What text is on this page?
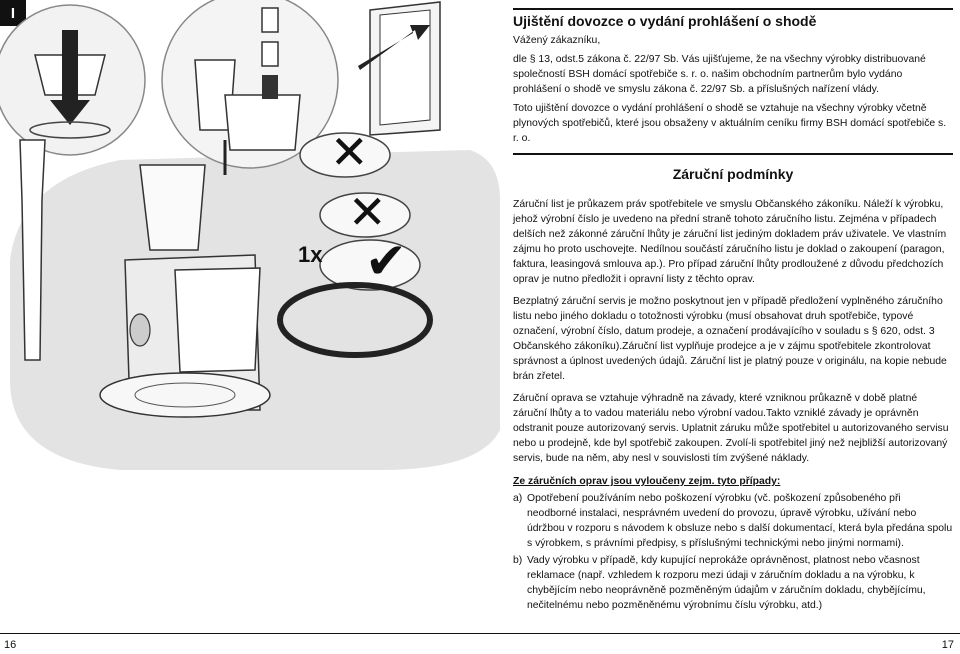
I
✕
✕
✔
1x
Ujištění dovozce o vydání prohlášení o shodě
Vážený zákazníku,
dle § 13, odst.5 zákona č. 22/97 Sb. Vás ujišťujeme, že na všechny výrobky distribuované společností BSH domácí spotřebiče s. r. o. našim obchodním partnerům bylo vydáno prohlášení o shodě ve smyslu zákona č. 22/97 Sb. a příslušných nařízení vlády.
Toto ujištění dovozce o vydání prohlášení o shodě se vztahuje na všechny výrobky včetně plynových spotřebičů, které jsou obsaženy v aktuálním ceníku firmy BSH domácí spotřebiče s. r. o.
Záruční podmínky
Záruční list je průkazem práv spotřebitele ve smyslu Občanského zákoníku. Náleží k výrobku, jehož výrobní číslo je uvedeno na přední straně tohoto záručního listu. Zejména v případech delších než zákonné záruční lhůty je záruční list jediným dokladem práv uživatele. Ve vlastním zájmu ho proto uschovejte. Nedílnou součástí záručního listu je doklad o zakoupení (paragon, faktura, leasingová smlouva ap.). Pro případ záruční lhůty prodloužené z důvodu předchozích oprav je nutno předložit i opravní listy z těchto oprav.
Bezplatný záruční servis je možno poskytnout jen v případě předložení vyplněného záručního listu nebo jiného dokladu o totožnosti výrobku (musí obsahovat druh spotřebiče, typové označení, výrobní číslo, datum prodeje, a označení prodávajícího v souladu s § 620, odst. 3 Občanského zákoníku).Záruční list vyplňuje prodejce a je v zájmu spotřebitele zkontrolovat správnost a úplnost uvedených údajů. Záruční list je platný pouze v originálu, na kopie nebude brán zřetel.
Záruční oprava se vztahuje výhradně na závady, které vzniknou průkazně v době platné záruční lhůty a to vadou materiálu nebo výrobní vadou.Takto vzniklé závady je oprávněn odstranit pouze autorizovaný servis. Uplatnit záruku může spotřebitel u autorizovaného servisu nebo u prodejně, kde byl spotřebič zakoupen. Zvolí-li spotřebitel jiný než nejbližší autorizovaný servis, bude na něm, aby nesl v souvislosti tím zvýšené náklady.
Ze záručních oprav jsou vyloučeny zejm. tyto případy:
a) Opotřebení používáním nebo poškození výrobku (vč. poškození způsobeného při neodborné instalaci, nesprávném uvedení do provozu, úpravě výrobku, užívání nebo údržbou v rozporu s návodem k obsluze nebo s další dokumentací, která byla předána spolu s výrobkem, s právními předpisy, s příslušnými technickými nebo jinými normami).
b) Vady výrobku v případě, kdy kupující neprokáže oprávněnost, platnost nebo včasnost reklamace (např. vzhledem k rozporu mezi údaji v záručním dokladu a na výrobku, k chybějícím nebo neoprávněně pozměněným údajům v záručním dokladu, chybějícímu, nečitelnému nebo pozměněnému výrobnímu číslu výrobku, atd.)
16	17
